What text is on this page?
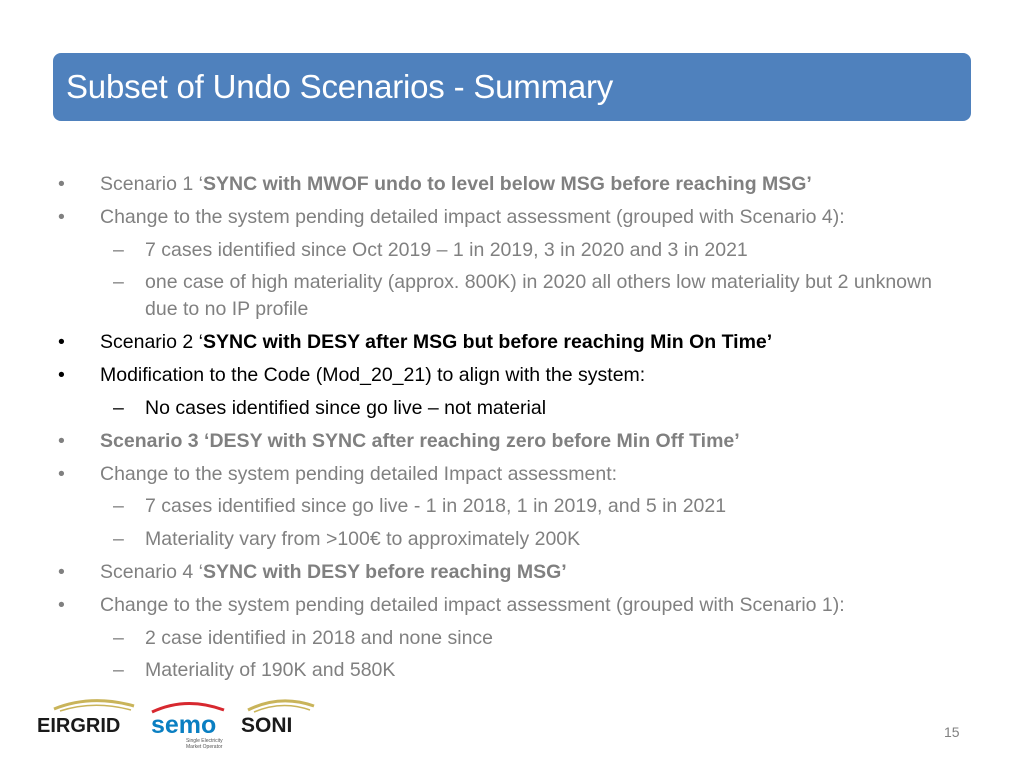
Subset of Undo Scenarios - Summary
• Scenario 1 ‘SYNC with MWOF undo to level below MSG before reaching MSG’
• Change to the system pending detailed impact assessment (grouped with Scenario 4):
– 7 cases identified since Oct 2019 – 1 in 2019, 3 in 2020 and 3 in 2021
– one case of high materiality (approx. 800K) in 2020 all others low materiality but 2 unknown due to no IP profile
• Scenario 2 ‘SYNC with DESY after MSG but before reaching Min On Time’
• Modification to the Code (Mod_20_21) to align with the system:
– No cases identified since go live – not material
• Scenario 3 ‘DESY with SYNC after reaching zero before Min Off Time’
• Change to the system pending detailed Impact assessment:
– 7 cases identified since go live - 1 in 2018, 1 in 2019, and 5 in 2021
– Materiality vary from >100€ to approximately 200K
• Scenario 4 ‘SYNC with DESY before reaching MSG’
• Change to the system pending detailed impact assessment (grouped with Scenario 1):
– 2 case identified in 2018 and none since
– Materiality of 190K and 580K
EIRGRID semo
Single Electricity
Market Operator
SONI	15
